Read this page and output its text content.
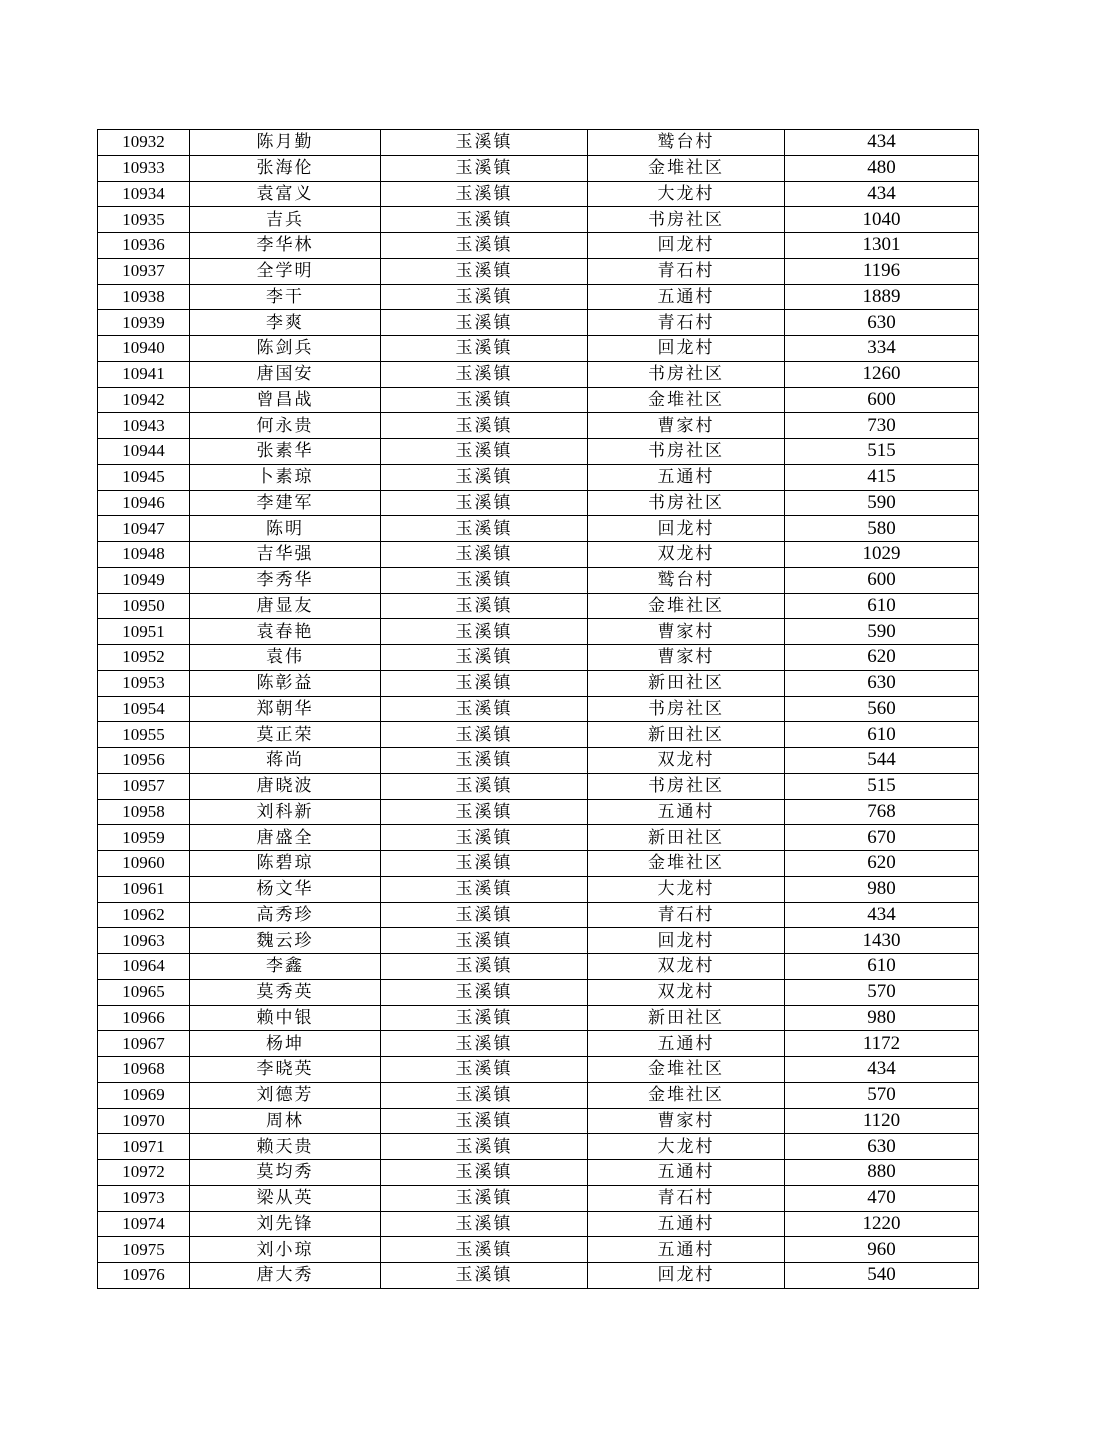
10932	陈月勤	玉溪镇	鹫台村	434
10933	张海伦	玉溪镇	金堆社区	480
10934	袁富义	玉溪镇	大龙村	434
10935	吉兵	玉溪镇	书房社区	1040
10936	李华林	玉溪镇	回龙村	1301
10937	全学明	玉溪镇	青石村	1196
10938	李干	玉溪镇	五通村	1889
10939	李爽	玉溪镇	青石村	630
10940	陈剑兵	玉溪镇	回龙村	334
10941	唐国安	玉溪镇	书房社区	1260
10942	曾昌战	玉溪镇	金堆社区	600
10943	何永贵	玉溪镇	曹家村	730
10944	张素华	玉溪镇	书房社区	515
10945	卜素琼	玉溪镇	五通村	415
10946	李建军	玉溪镇	书房社区	590
10947	陈明	玉溪镇	回龙村	580
10948	吉华强	玉溪镇	双龙村	1029
10949	李秀华	玉溪镇	鹫台村	600
10950	唐显友	玉溪镇	金堆社区	610
10951	袁春艳	玉溪镇	曹家村	590
10952	袁伟	玉溪镇	曹家村	620
10953	陈彰益	玉溪镇	新田社区	630
10954	郑朝华	玉溪镇	书房社区	560
10955	莫正荣	玉溪镇	新田社区	610
10956	蒋尚	玉溪镇	双龙村	544
10957	唐晓波	玉溪镇	书房社区	515
10958	刘科新	玉溪镇	五通村	768
10959	唐盛全	玉溪镇	新田社区	670
10960	陈碧琼	玉溪镇	金堆社区	620
10961	杨文华	玉溪镇	大龙村	980
10962	高秀珍	玉溪镇	青石村	434
10963	魏云珍	玉溪镇	回龙村	1430
10964	李鑫	玉溪镇	双龙村	610
10965	莫秀英	玉溪镇	双龙村	570
10966	赖中银	玉溪镇	新田社区	980
10967	杨坤	玉溪镇	五通村	1172
10968	李晓英	玉溪镇	金堆社区	434
10969	刘德芳	玉溪镇	金堆社区	570
10970	周林	玉溪镇	曹家村	1120
10971	赖天贵	玉溪镇	大龙村	630
10972	莫均秀	玉溪镇	五通村	880
10973	梁从英	玉溪镇	青石村	470
10974	刘先锋	玉溪镇	五通村	1220
10975	刘小琼	玉溪镇	五通村	960
10976	唐大秀	玉溪镇	回龙村	540
